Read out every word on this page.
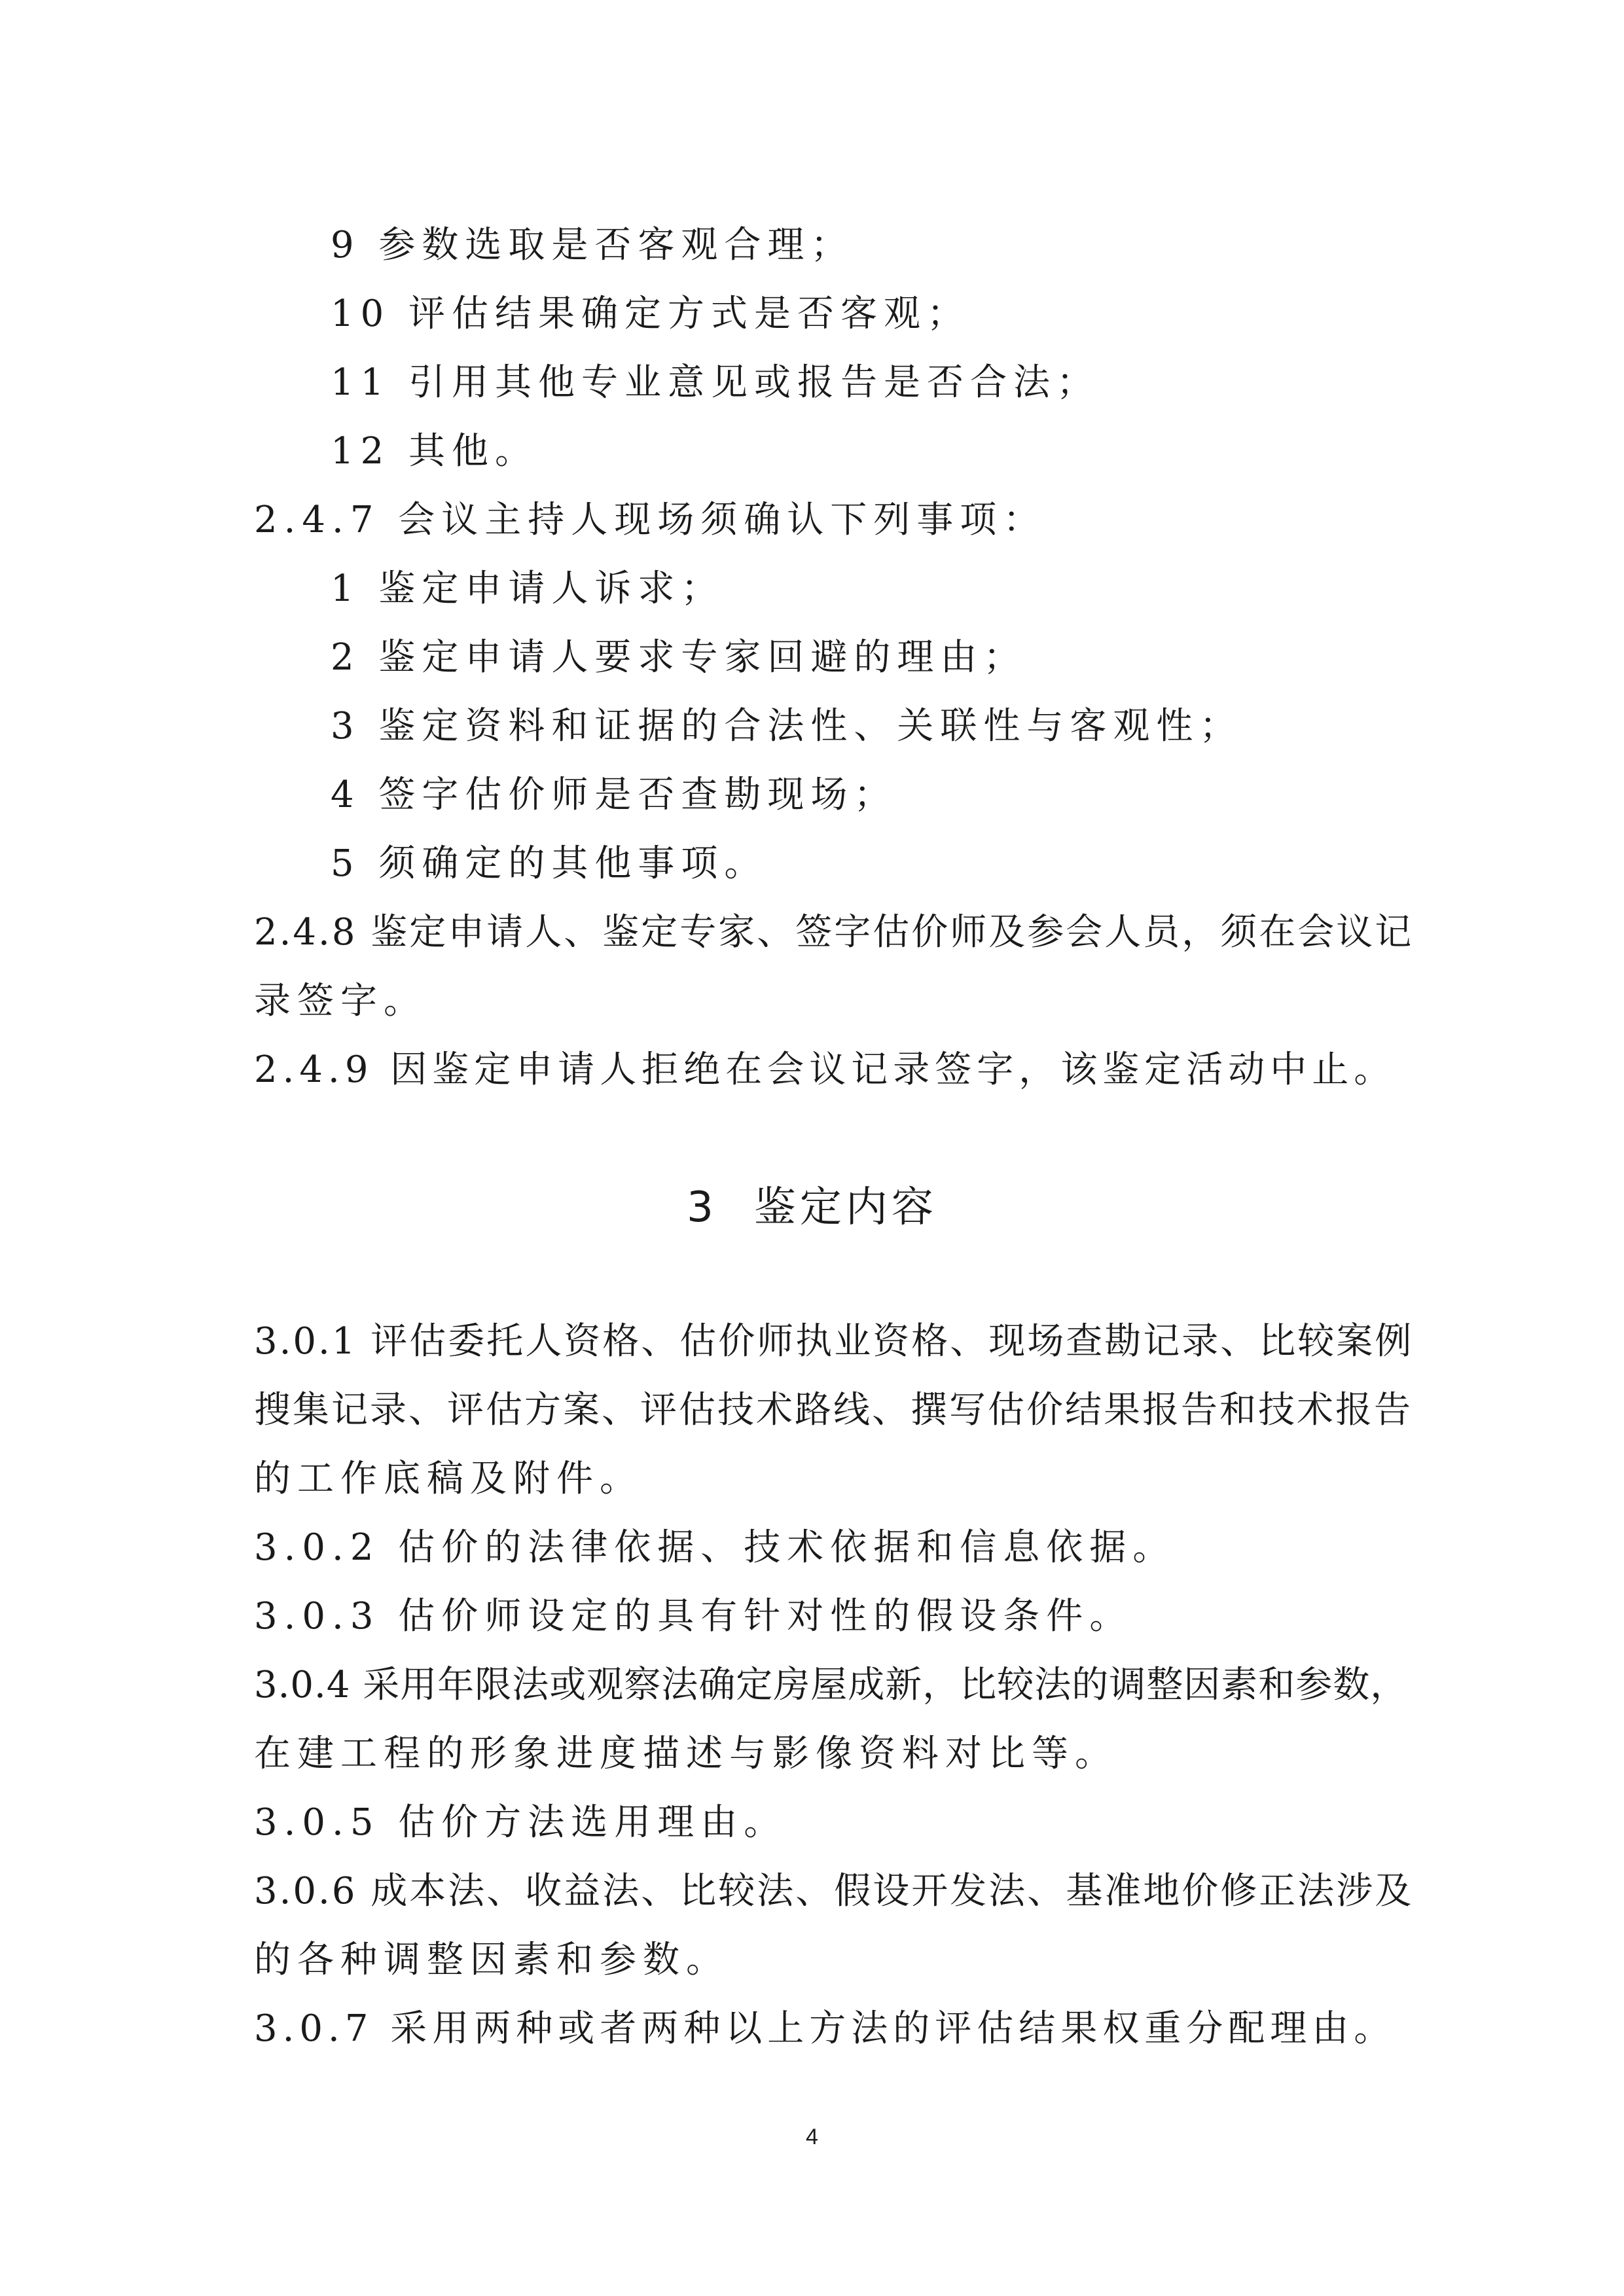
9 参数选取是否客观合理；
10 评估结果确定方式是否客观；
11 引用其他专业意见或报告是否合法；
12 其他。
2.4.7 会议主持人现场须确认下列事项：
1 鉴定申请人诉求；
2 鉴定申请人要求专家回避的理由；
3 鉴定资料和证据的合法性、关联性与客观性；
4 签字估价师是否查勘现场；
5 须确定的其他事项。
2.4.8 鉴定申请人、鉴定专家、签字估价师及参会人员，须在会议记
录签字。
2.4.9 因鉴定申请人拒绝在会议记录签字，该鉴定活动中止。
3 鉴定内容
3.0.1 评估委托人资格、估价师执业资格、现场查勘记录、比较案例
搜集记录、评估方案、评估技术路线、撰写估价结果报告和技术报告
的工作底稿及附件。
3.0.2 估价的法律依据、技术依据和信息依据。
3.0.3 估价师设定的具有针对性的假设条件。
3.0.4 采用年限法或观察法确定房屋成新，比较法的调整因素和参数，
在建工程的形象进度描述与影像资料对比等。
3.0.5 估价方法选用理由。
3.0.6 成本法、收益法、比较法、假设开发法、基准地价修正法涉及
的各种调整因素和参数。
3.0.7 采用两种或者两种以上方法的评估结果权重分配理由。
4
